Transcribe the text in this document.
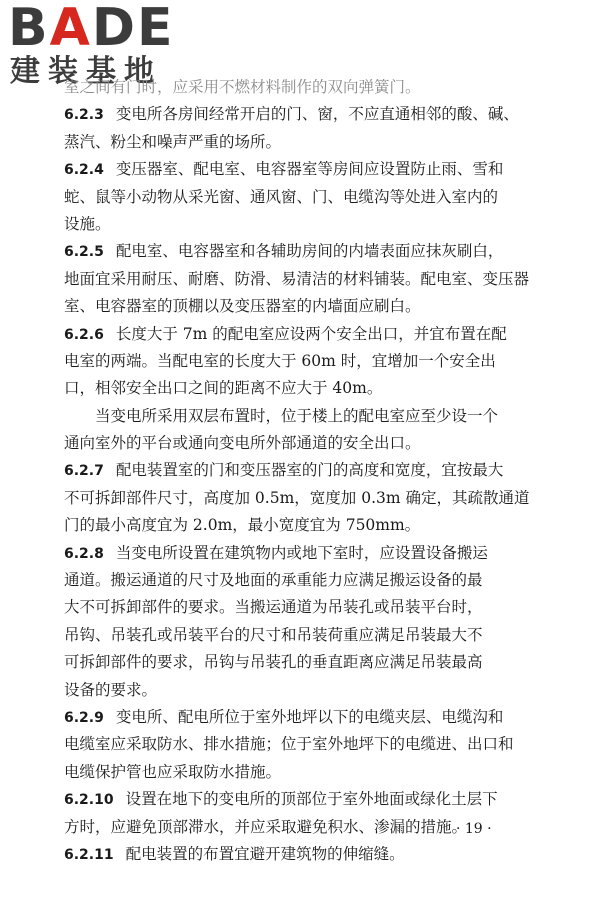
BADE
建装基地
室之间有门时，应采用不燃材料制作的双向弹簧门。
6.2.3 变电所各房间经常开启的门、窗，不应直通相邻的酸、碱、
蒸汽、粉尘和噪声严重的场所。
6.2.4 变压器室、配电室、电容器室等房间应设置防止雨、雪和
蛇、鼠等小动物从采光窗、通风窗、门、电缆沟等处进入室内的
设施。
6.2.5 配电室、电容器室和各辅助房间的内墙表面应抹灰刷白，
地面宜采用耐压、耐磨、防滑、易清洁的材料铺装。配电室、变压器
室、电容器室的顶棚以及变压器室的内墙面应刷白。
6.2.6 长度大于 7m 的配电室应设两个安全出口，并宜布置在配
电室的两端。当配电室的长度大于 60m 时，宜增加一个安全出
口，相邻安全出口之间的距离不应大于 40m。
当变电所采用双层布置时，位于楼上的配电室应至少设一个
通向室外的平台或通向变电所外部通道的安全出口。
6.2.7 配电装置室的门和变压器室的门的高度和宽度，宜按最大
不可拆卸部件尺寸，高度加 0.5m，宽度加 0.3m 确定，其疏散通道
门的最小高度宜为 2.0m，最小宽度宜为 750mm。
6.2.8 当变电所设置在建筑物内或地下室时，应设置设备搬运
通道。搬运通道的尺寸及地面的承重能力应满足搬运设备的最
大不可拆卸部件的要求。当搬运通道为吊装孔或吊装平台时，
吊钩、吊装孔或吊装平台的尺寸和吊装荷重应满足吊装最大不
可拆卸部件的要求，吊钩与吊装孔的垂直距离应满足吊装最高
设备的要求。
6.2.9 变电所、配电所位于室外地坪以下的电缆夹层、电缆沟和
电缆室应采取防水、排水措施；位于室外地坪下的电缆进、出口和
电缆保护管也应采取防水措施。
6.2.10 设置在地下的变电所的顶部位于室外地面或绿化土层下
方时，应避免顶部滞水，并应采取避免积水、渗漏的措施。
6.2.11 配电装置的布置宜避开建筑物的伸缩缝。
· 19 ·
